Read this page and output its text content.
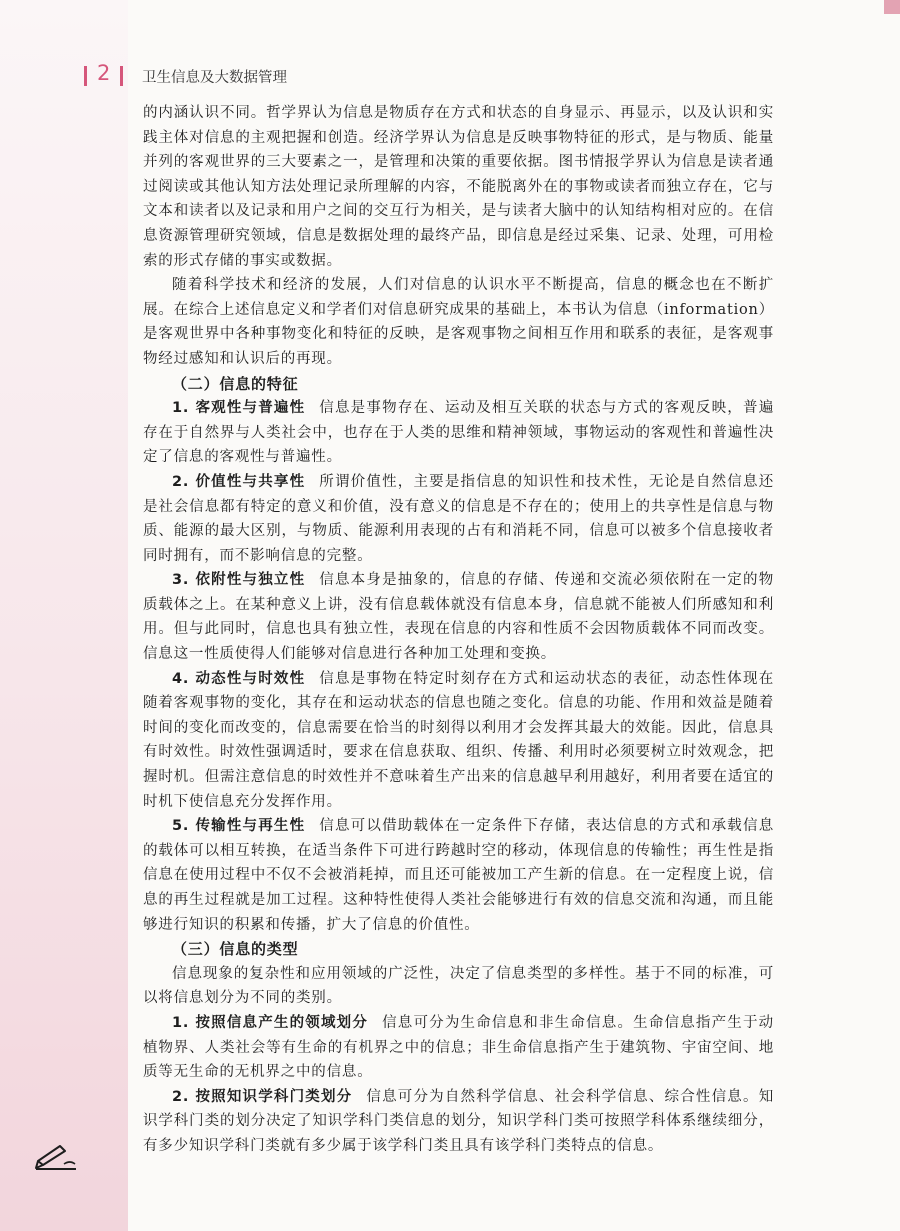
2 卫生信息及大数据管理

的内涵认识不同。哲学界认为信息是物质存在方式和状态的自身显示、再显示，以及认识和实践主体对信息的主观把握和创造。经济学界认为信息是反映事物特征的形式，是与物质、能量并列的客观世界的三大要素之一，是管理和决策的重要依据。图书情报学界认为信息是读者通过阅读或其他认知方法处理记录所理解的内容，不能脱离外在的事物或读者而独立存在，它与文本和读者以及记录和用户之间的交互行为相关，是与读者大脑中的认知结构相对应的。在信息资源管理研究领域，信息是数据处理的最终产品，即信息是经过采集、记录、处理，可用检索的形式存储的事实或数据。

随着科学技术和经济的发展，人们对信息的认识水平不断提高，信息的概念也在不断扩展。在综合上述信息定义和学者们对信息研究成果的基础上，本书认为信息（information）是客观世界中各种事物变化和特征的反映，是客观事物之间相互作用和联系的表征，是客观事物经过感知和认识后的再现。

（二）信息的特征

1. 客观性与普遍性 信息是事物存在、运动及相互关联的状态与方式的客观反映，普遍存在于自然界与人类社会中，也存在于人类的思维和精神领域，事物运动的客观性和普遍性决定了信息的客观性与普遍性。

2. 价值性与共享性 所谓价值性，主要是指信息的知识性和技术性，无论是自然信息还是社会信息都有特定的意义和价值，没有意义的信息是不存在的；使用上的共享性是信息与物质、能源的最大区别，与物质、能源利用表现的占有和消耗不同，信息可以被多个信息接收者同时拥有，而不影响信息的完整。

3. 依附性与独立性 信息本身是抽象的，信息的存储、传递和交流必须依附在一定的物质载体之上。在某种意义上讲，没有信息载体就没有信息本身，信息就不能被人们所感知和利用。但与此同时，信息也具有独立性，表现在信息的内容和性质不会因物质载体不同而改变。信息这一性质使得人们能够对信息进行各种加工处理和变换。

4. 动态性与时效性 信息是事物在特定时刻存在方式和运动状态的表征，动态性体现在随着客观事物的变化，其存在和运动状态的信息也随之变化。信息的功能、作用和效益是随着时间的变化而改变的，信息需要在恰当的时刻得以利用才会发挥其最大的效能。因此，信息具有时效性。时效性强调适时，要求在信息获取、组织、传播、利用时必须要树立时效观念，把握时机。但需注意信息的时效性并不意味着生产出来的信息越早利用越好，利用者要在适宜的时机下使信息充分发挥作用。

5. 传输性与再生性 信息可以借助载体在一定条件下存储，表达信息的方式和承载信息的载体可以相互转换，在适当条件下可进行跨越时空的移动，体现信息的传输性；再生性是指信息在使用过程中不仅不会被消耗掉，而且还可能被加工产生新的信息。在一定程度上说，信息的再生过程就是加工过程。这种特性使得人类社会能够进行有效的信息交流和沟通，而且能够进行知识的积累和传播，扩大了信息的价值性。

（三）信息的类型

信息现象的复杂性和应用领域的广泛性，决定了信息类型的多样性。基于不同的标准，可以将信息划分为不同的类别。

1. 按照信息产生的领域划分 信息可分为生命信息和非生命信息。生命信息指产生于动植物界、人类社会等有生命的有机界之中的信息；非生命信息指产生于建筑物、宇宙空间、地质等无生命的无机界之中的信息。

2. 按照知识学科门类划分 信息可分为自然科学信息、社会科学信息、综合性信息。知识学科门类的划分决定了知识学科门类信息的划分，知识学科门类可按照学科体系继续细分，有多少知识学科门类就有多少属于该学科门类且具有该学科门类特点的信息。
